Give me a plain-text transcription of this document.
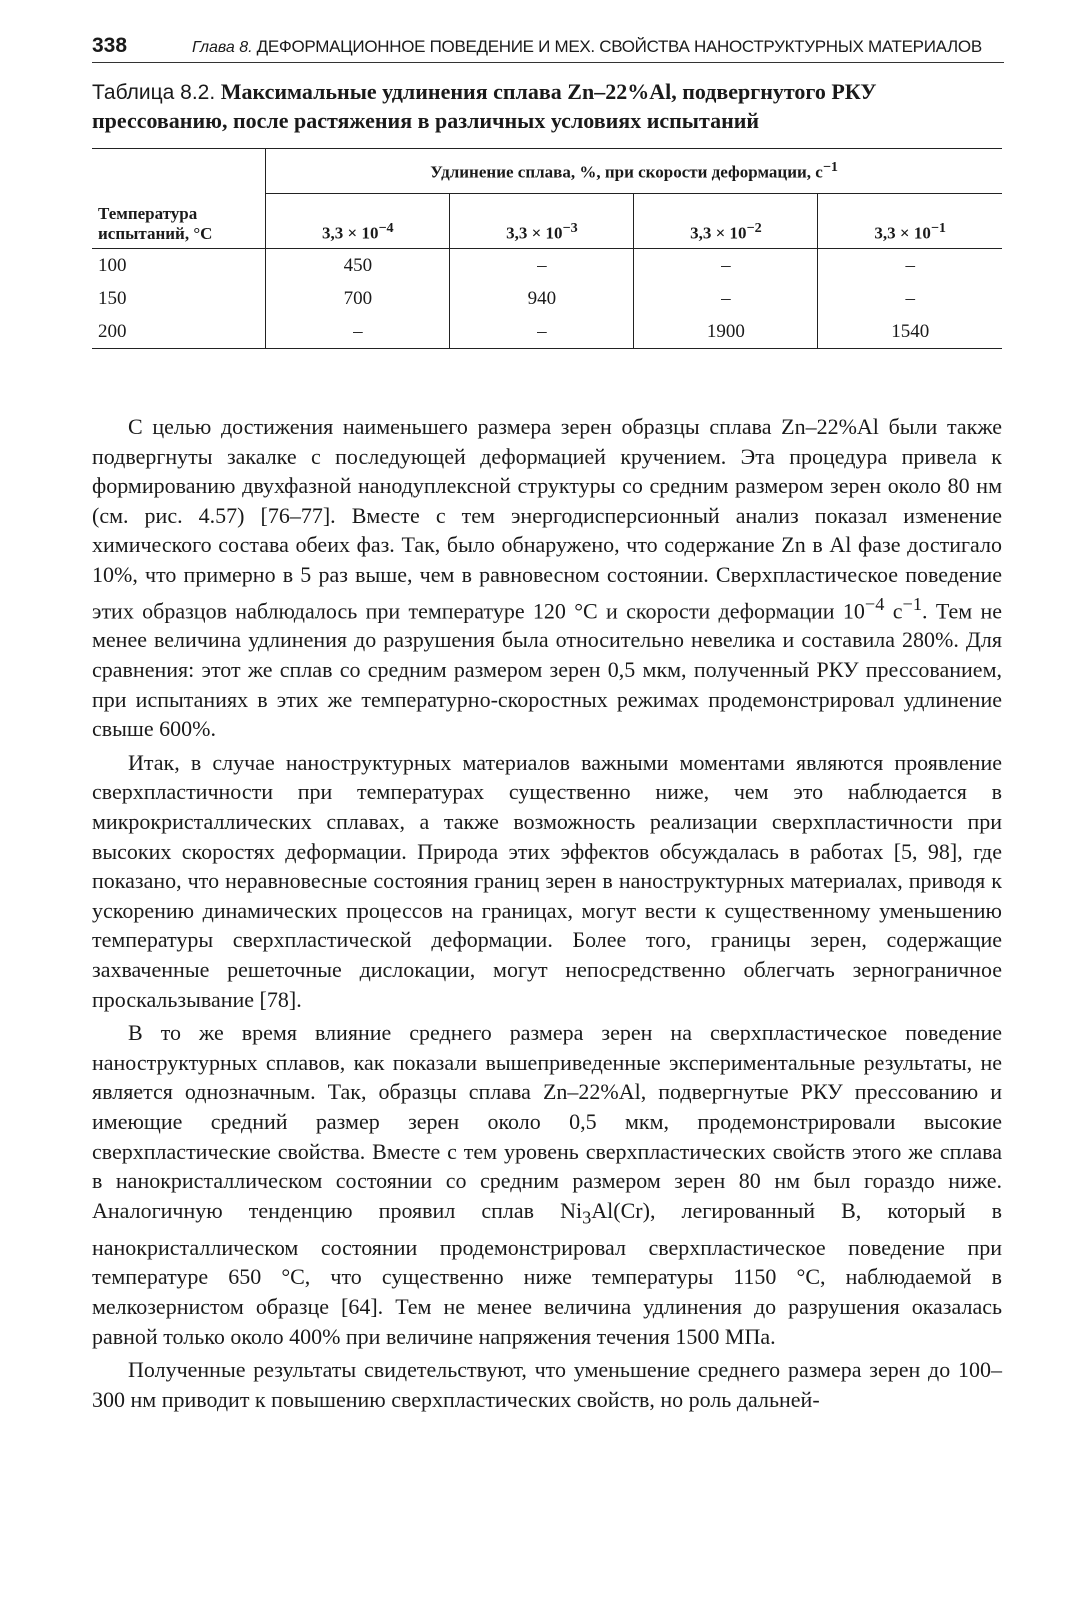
338	Глава 8. ДЕФОРМАЦИОННОЕ ПОВЕДЕНИЕ И МЕХ. СВОЙСТВА НАНОСТРУКТУРНЫХ МАТЕРИАЛОВ
Таблица 8.2. Максимальные удлинения сплава Zn–22%Al, подвергнутого РКУ прессованию, после растяжения в различных условиях испытаний
Температура испытаний, °С	Удлинение сплава, %, при скорости деформации, $с^{-1}$
	$3,3 \times 10^{-4}$	$3,3 \times 10^{-3}$	$3,3 \times 10^{-2}$	$3,3 \times 10^{-1}$
100	450	–	–	–
150	700	940	–	–
200	–	–	1900	1540

С целью достижения наименьшего размера зерен образцы сплава Zn–22%Al были также подвергнуты закалке с последующей деформацией кручением. Эта процедура привела к формированию двухфазной нанодуплексной структуры со средним размером зерен около 80 нм (см. рис. 4.57) [76–77]. Вместе с тем энергодисперсионный анализ показал изменение химического состава обеих фаз. Так, было обнаружено, что содержание Zn в Al фазе достигало 10%, что примерно в 5 раз выше, чем в равновесном состоянии. Сверхпластическое поведение этих образцов наблюдалось при температуре 120 °С и скорости деформации $10^{-4}$ $с^{-1}$. Тем не менее величина удлинения до разрушения была относительно невелика и составила 280%. Для сравнения: этот же сплав со средним размером зерен 0,5 мкм, полученный РКУ прессованием, при испытаниях в этих же температурно-скоростных режимах продемонстрировал удлинение свыше 600%.

Итак, в случае наноструктурных материалов важными моментами являются проявление сверхпластичности при температурах существенно ниже, чем это наблюдается в микрокристаллических сплавах, а также возможность реализации сверхпластичности при высоких скоростях деформации. Природа этих эффектов обсуждалась в работах [5, 98], где показано, что неравновесные состояния границ зерен в наноструктурных материалах, приводя к ускорению динамических процессов на границах, могут вести к существенному уменьшению температуры сверхпластической деформации. Более того, границы зерен, содержащие захваченные решеточные дислокации, могут непосредственно облегчать зернограничное проскальзывание [78].

В то же время влияние среднего размера зерен на сверхпластическое поведение наноструктурных сплавов, как показали вышеприведенные экспериментальные результаты, не является однозначным. Так, образцы сплава Zn–22%Al, подвергнутые РКУ прессованию и имеющие средний размер зерен около 0,5 мкм, продемонстрировали высокие сверхпластические свойства. Вместе с тем уровень сверхпластических свойств этого же сплава в нанокристаллическом состоянии со средним размером зерен 80 нм был гораздо ниже. Аналогичную тенденцию проявил сплав $Ni_3Al(Cr)$, легированный B, который в нанокристаллическом состоянии продемонстрировал сверхпластическое поведение при температуре 650 °С, что существенно ниже температуры 1150 °С, наблюдаемой в мелкозернистом образце [64]. Тем не менее величина удлинения до разрушения оказалась равной только около 400% при величине напряжения течения 1500 МПа.

Полученные результаты свидетельствуют, что уменьшение среднего размера зерен до 100–300 нм приводит к повышению сверхпластических свойств, но роль дальней-
